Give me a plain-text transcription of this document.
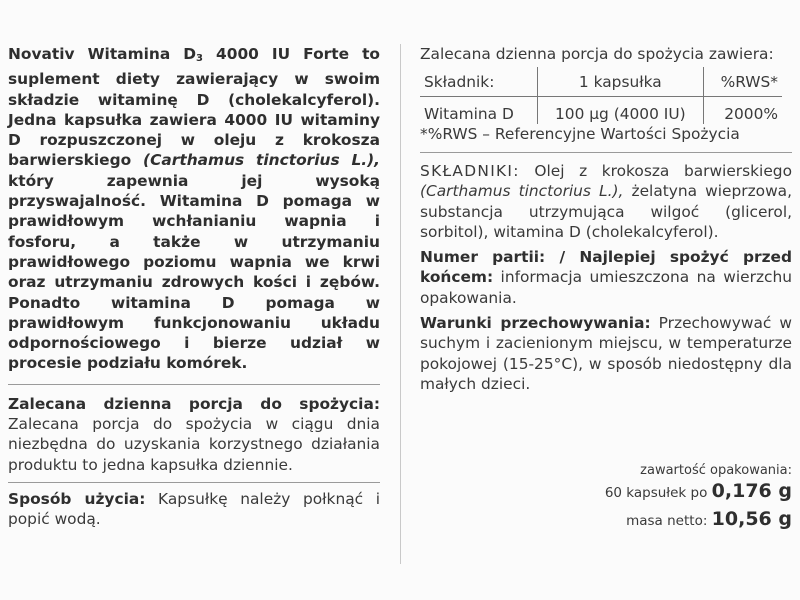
Novativ Witamina D3 4000 IU Forte to suplement diety zawierający w swoim składzie witaminę D (cholekalcyferol). Jedna kapsułka zawiera 4000 IU witaminy D rozpuszczonej w oleju z krokosza barwierskiego (Carthamus tinctorius L.), który zapewnia jej wysoką przyswajalność. Witamina D pomaga w prawidłowym wchłanianiu wapnia i fosforu, a także w utrzymaniu prawidłowego poziomu wapnia we krwi oraz utrzymaniu zdrowych kości i zębów. Ponadto witamina D pomaga w prawidłowym funkcjonowaniu układu odpornościowego i bierze udział w procesie podziału komórek.

Zalecana dzienna porcja do spożycia: Zalecana porcja do spożycia w ciągu dnia niezbędna do uzyskania korzystnego działania produktu to jedna kapsułka dziennie.

Sposób użycia: Kapsułkę należy połknąć i popić wodą.

Zalecana dzienna porcja do spożycia zawiera:

Składnik:	1 kapsułka	%RWS*
Witamina D	100 µg (4000 IU)	2000%

*%RWS – Referencyjne Wartości Spożycia

SKŁADNIKI: Olej z krokosza barwierskiego (Carthamus tinctorius L.), żelatyna wieprzowa, substancja utrzymująca wilgoć (glicerol, sorbitol), witamina D (cholekalcyferol).

Numer partii: / Najlepiej spożyć przed końcem: informacja umieszczona na wierzchu opakowania.

Warunki przechowywania: Przechowywać w suchym i zacienionym miejscu, w temperaturze pokojowej (15-25°C), w sposób niedostępny dla małych dzieci.

zawartość opakowania:
60 kapsułek po 0,176 g
masa netto: 10,56 g
